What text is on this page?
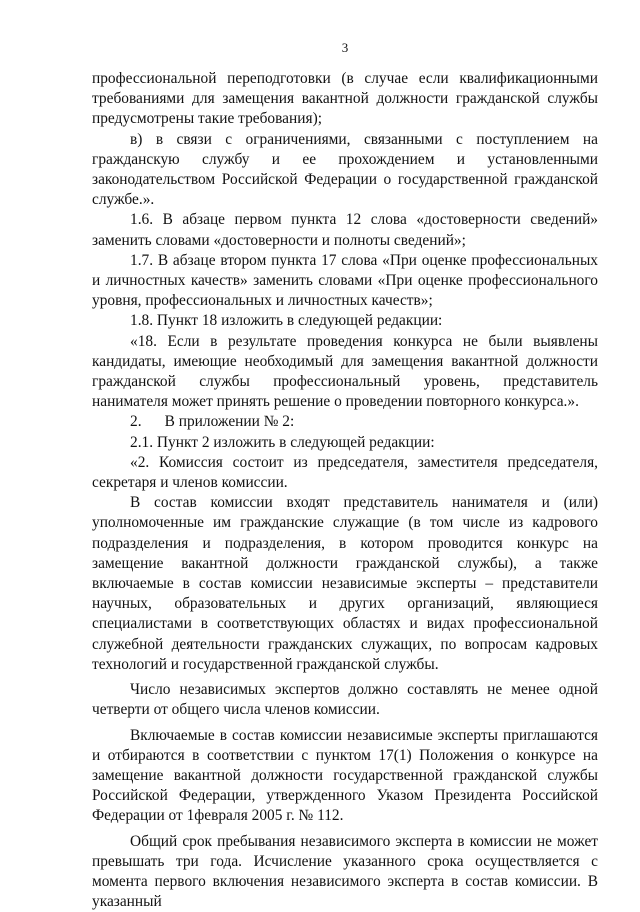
3

профессиональной переподготовки (в случае если квалификационными требованиями для замещения вакантной должности гражданской службы предусмотрены такие требования);

в) в связи с ограничениями, связанными с поступлением на гражданскую службу и ее прохождением и установленными законодательством Российской Федерации о государственной гражданской службе.».

1.6. В абзаце первом пункта 12 слова «достоверности сведений» заменить словами «достоверности и полноты сведений»;

1.7. В абзаце втором пункта 17 слова «При оценке профессиональных и личностных качеств» заменить словами «При оценке профессионального уровня, профессиональных и личностных качеств»;

1.8. Пункт 18 изложить в следующей редакции:

«18. Если в результате проведения конкурса не были выявлены кандидаты, имеющие необходимый для замещения вакантной должности гражданской службы профессиональный уровень, представитель нанимателя может принять решение о проведении повторного конкурса.».

2.      В приложении № 2:

2.1. Пункт 2 изложить в следующей редакции:

«2. Комиссия состоит из председателя, заместителя председателя, секретаря и членов комиссии.

В состав комиссии входят представитель нанимателя и (или) уполномоченные им гражданские служащие (в том числе из кадрового подразделения и подразделения, в котором проводится конкурс на замещение вакантной должности гражданской службы), а также включаемые в состав комиссии независимые эксперты – представители научных, образовательных и других организаций, являющиеся специалистами в соответствующих областях и видах профессиональной служебной деятельности гражданских служащих, по вопросам кадровых технологий и государственной гражданской службы.

Число независимых экспертов должно составлять не менее одной четверти от общего числа членов комиссии.

Включаемые в состав комиссии независимые эксперты приглашаются и отбираются в соответствии с пунктом 17(1) Положения о конкурсе на замещение вакантной должности государственной гражданской службы Российской Федерации, утвержденного Указом Президента Российской Федерации от 1февраля 2005 г. № 112.

Общий срок пребывания независимого эксперта в комиссии не может превышать три года. Исчисление указанного срока осуществляется с момента первого включения независимого эксперта в состав комиссии. В указанный
